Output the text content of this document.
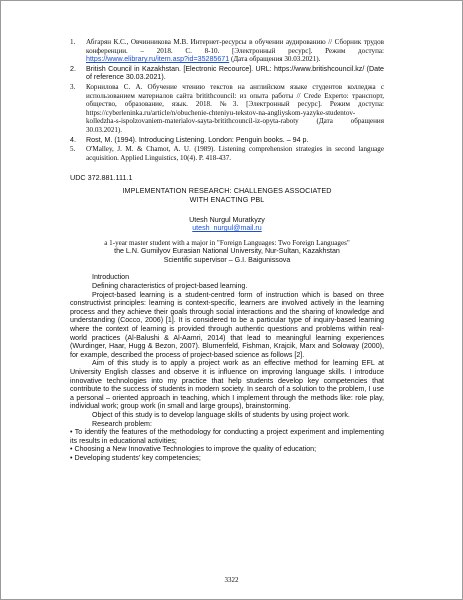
1. Абгарян К.С., Овчинникова М.В. Интернет-ресурсы в обучении аудированию // Сборник трудов конференции. – 2018. С. 8-10. [Электронный ресурс]. Режим доступа: https://www.elibrary.ru/item.asp?id=35285671 (Дата обращения 30.03.2021).
2. British Council in Kazakhstan. [Electronic Recource]. URL: https://www.britishcouncil.kz/ (Date of reference 30.03.2021).
3. Корнилова С. А. Обучение чтению текстов на английском языке студентов колледжа с использованием материалов сайта britithcouncil: из опыта работы // Crede Experto: транспорт, общество, образование, язык. 2018. №3. [Электронный ресурс]. Режим доступа: https://cyberleninka.ru/article/n/obuchenie-chteniyu-tekstov-na-angliyskom-yazyke-studentov-kolledzha-s-ispolzovaniem-materialov-sayta-britithcouncil-iz-opyta-raboty (Дата обращения 30.03.2021).
4. Rost, M. (1994). Introducing Listening. London: Penguin books. – 94 p.
5. O'Malley, J. M. & Chamot, A. U. (1989). Listening comprehension strategies in second language acquisition. Applied Linguistics, 10(4). P. 418-437.
UDC 372.881.111.1
IMPLEMENTATION RESEARCH: CHALLENGES ASSOCIATED
WITH ENACTING PBL
Utesh Nurgul Muratkyzy
utesh_nurgul@mail.ru
a 1-year master student with a major in "Foreign Languages: Two Foreign Languages"
the L.N. Gumilyov Eurasian National University, Nur-Sultan, Kazakhstan
Scientific supervisor – G.I. Baigunissova

Introduction

Defining characteristics of project-based learning.

Project-based learning is a student-centred form of instruction which is based on three constructivist principles: learning is context-specific, learners are involved actively in the learning process and they achieve their goals through social interactions and the sharing of knowledge and understanding (Cocco, 2006) [1]. It is considered to be a particular type of inquiry-based learning where the context of learning is provided through authentic questions and problems within real-world practices (Al-Balushi & Al-Aamri, 2014) that lead to meaningful learning experiences (Wurdinger, Haar, Hugg & Bezon, 2007). Blumenfeld, Fishman, Krajcik, Marx and Soloway (2000), for example, described the process of project-based science as follows [2].

Aim of this study is to apply a project work as an effective method for learning EFL at University English classes and observe it is influence on improving language skills. I introduce innovative technologies into my practice that help students develop key competencies that contribute to the success of students in modern society. In search of a solution to the problem, I use a personal – oriented approach in teaching, which I implement through the methods like: role play, individual work; group work (in small and large groups), brainstorming.

Object of this study is to develop language skills of students by using project work.

Research problem:

• To identify the features of the methodology for conducting a project experiment and implementing its results in educational activities;

• Choosing a New Innovative Technologies to improve the quality of education;

• Developing students' key competencies;

3322
